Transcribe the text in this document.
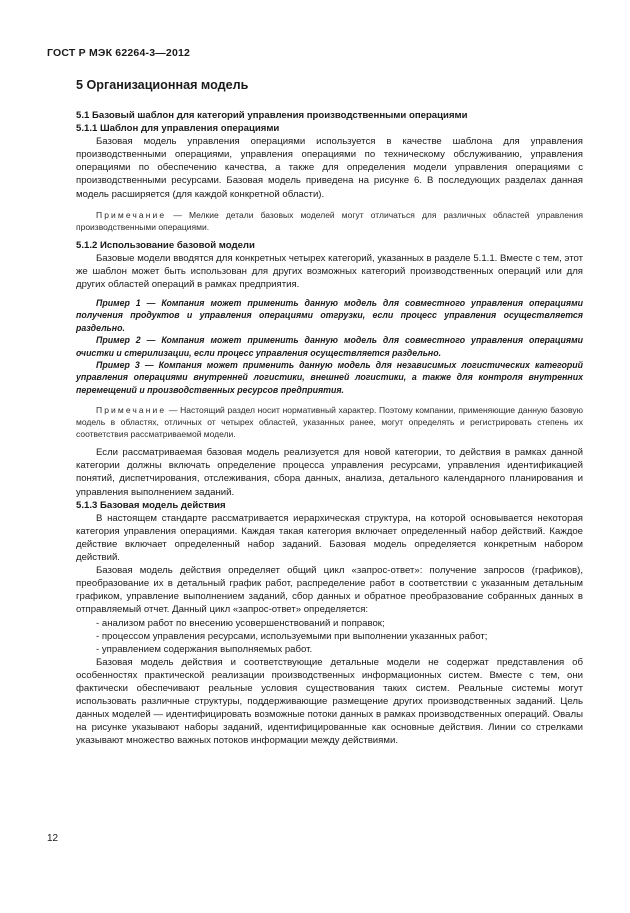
ГОСТ Р МЭК 62264-3—2012
5 Организационная модель
5.1 Базовый шаблон для категорий управления производственными операциями
5.1.1 Шаблон для управления операциями

Базовая модель управления операциями используется в качестве шаблона для управления производственными операциями, управления операциями по техническому обслуживанию, управления операциями по обеспечению качества, а также для определения модели управления операциями с производственными ресурсами. Базовая модель приведена на рисунке 6. В последующих разделах данная модель расширяется (для каждой конкретной области).

Примечание — Мелкие детали базовых моделей могут отличаться для различных областей управления производственными операциями.
5.1.2 Использование базовой модели

Базовые модели вводятся для конкретных четырех категорий, указанных в разделе 5.1.1. Вместе с тем, этот же шаблон может быть использован для других возможных категорий производственных операций или для других областей операций в рамках предприятия.

Пример 1 — Компания может применить данную модель для совместного управления операциями получения продуктов и управления операциями отгрузки, если процесс управления осуществляется раздельно.
Пример 2 — Компания может применить данную модель для совместного управления операциями очистки и стерилизации, если процесс управления осуществляется раздельно.
Пример 3 — Компания может применить данную модель для независимых логистических категорий управления операциями внутренней логистики, внешней логистики, а также для контроля внутренних перемещений и производственных ресурсов предприятия.
Примечание — Настоящий раздел носит нормативный характер. Поэтому компании, применяющие данную базовую модель в областях, отличных от четырех областей, указанных ранее, могут определять и регистрировать степень их соответствия рассматриваемой модели.

Если рассматриваемая базовая модель реализуется для новой категории, то действия в рамках данной категории должны включать определение процесса управления ресурсами, управления идентификацией понятий, диспетчирования, отслеживания, сбора данных, анализа, детального календарного планирования и управления выполнением заданий.

5.1.3 Базовая модель действия

В настоящем стандарте рассматривается иерархическая структура, на которой основывается некоторая категория управления операциями. Каждая такая категория включает определенный набор действий. Каждое действие включает определенный набор заданий. Базовая модель определяется конкретным набором действий.

Базовая модель действия определяет общий цикл «запрос-ответ»: получение запросов (графиков), преобразование их в детальный график работ, распределение работ в соответствии с указанным детальным графиком, управление выполнением заданий, сбор данных и обратное преобразование собранных данных в отправляемый отчет. Данный цикл «запрос-ответ» определяется:

- анализом работ по внесению усовершенствований и поправок;
- процессом управления ресурсами, используемыми при выполнении указанных работ;
- управлением содержания выполняемых работ.

Базовая модель действия и соответствующие детальные модели не содержат представления об особенностях практической реализации производственных информационных систем. Вместе с тем, они фактически обеспечивают реальные условия существования таких систем. Реальные системы могут использовать различные структуры, поддерживающие размещение других производственных заданий. Цель данных моделей — идентифицировать возможные потоки данных в рамках производственных операций. Овалы на рисунке указывают наборы заданий, идентифицированные как основные действия. Линии со стрелками указывают множество важных потоков информации между действиями.

12
